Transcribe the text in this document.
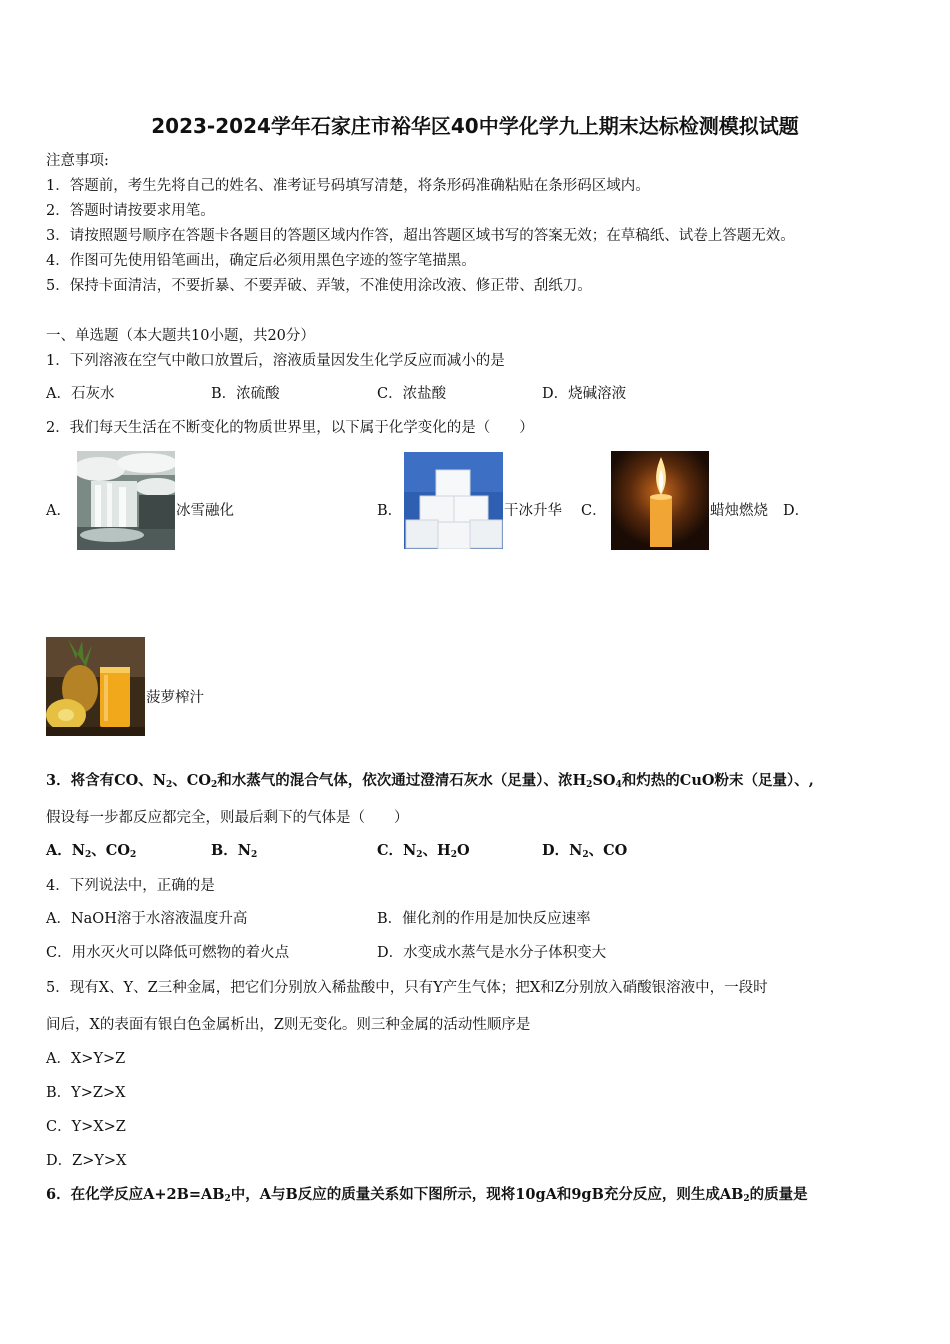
2023-2024学年石家庄市裕华区40中学化学九上期末达标检测模拟试题
注意事项:
1．答题前，考生先将自己的姓名、准考证号码填写清楚，将条形码准确粘贴在条形码区域内。
2．答题时请按要求用笔。
3．请按照题号顺序在答题卡各题目的答题区域内作答，超出答题区域书写的答案无效；在草稿纸、试卷上答题无效。
4．作图可先使用铅笔画出，确定后必须用黑色字迹的签字笔描黑。
5．保持卡面清洁，不要折暴、不要弄破、弄皱，不准使用涂改液、修正带、刮纸刀。
一、单选题（本大题共10小题，共20分）
1．下列溶液在空气中敞口放置后，溶液质量因发生化学反应而减小的是
A．石灰水	B．浓硫酸	C．浓盐酸	D．烧碱溶液
2．我们每天生活在不断变化的物质世界里，以下属于化学变化的是（　　）
A．	冰雪融化	B．	干冰升华 C．	蜡烛燃烧 D．
菠萝榨汁
3．将含有CO、$N_2$、$CO_2$和水蒸气的混合气体，依次通过澄清石灰水（足量）、浓$H_2SO_4$和灼热的CuO粉末（足量）、,
假设每一步都反应都完全，则最后剩下的气体是（　　）
A．$N_2$、$CO_2$	B．$N_2$	C．$N_2$、$H_2O$	D．$N_2$、CO
4．下列说法中，正确的是
A．NaOH溶于水溶液温度升高	B．催化剂的作用是加快反应速率
C．用水灭火可以降低可燃物的着火点	D．水变成水蒸气是水分子体积变大
5．现有X、Y、Z三种金属，把它们分别放入稀盐酸中，只有Y产生气体；把X和Z分别放入硝酸银溶液中，一段时
间后，X的表面有银白色金属析出，Z则无变化。则三种金属的活动性顺序是
A．X>Y>Z
B．Y>Z>X
C．Y>X>Z
D．Z>Y>X
6．在化学反应$A+2B=AB_2$中，A与B反应的质量关系如下图所示，现将10gA和9gB充分反应，则生成$AB_2$的质量是
